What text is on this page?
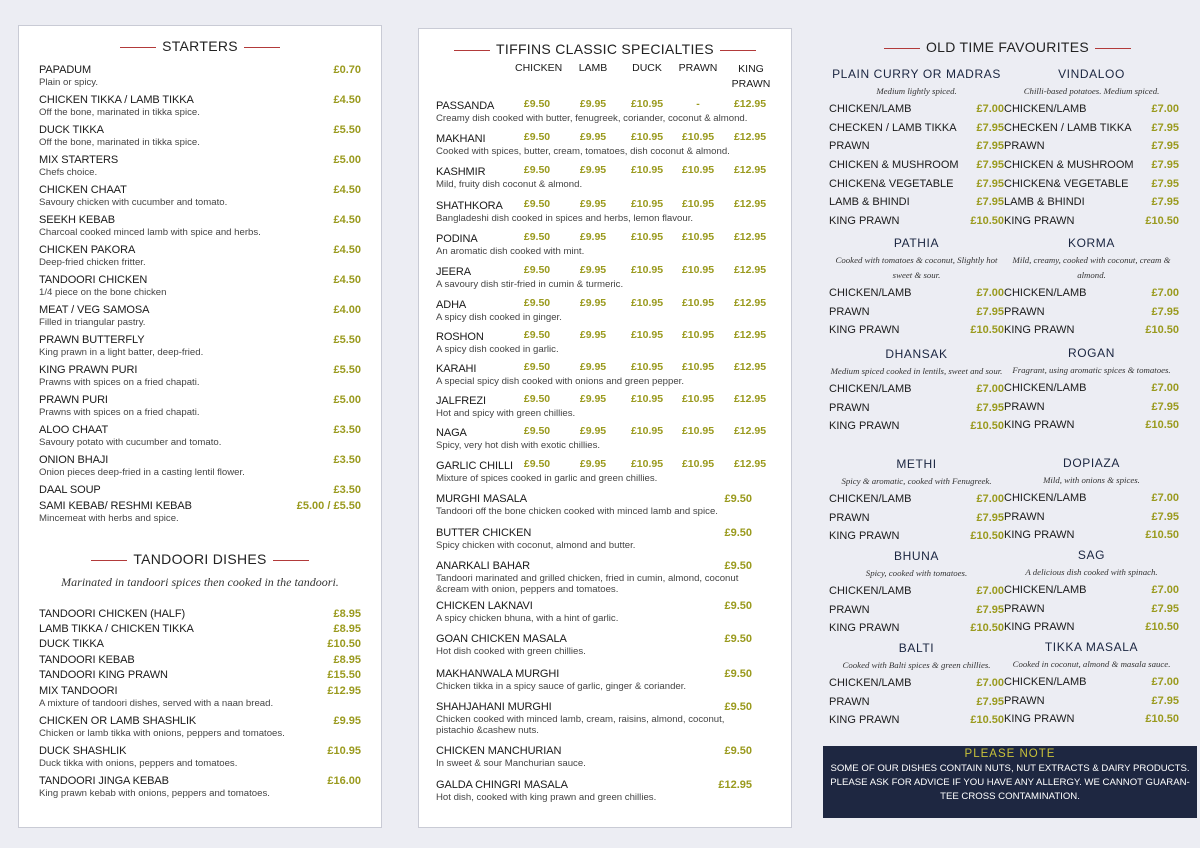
STARTERS
PAPADUM
Plain or spicy.
£0.70
CHICKEN TIKKA / LAMB TIKKA
Off the bone, marinated in tikka spice.
£4.50
DUCK TIKKA
Off the bone, marinated in tikka spice.
£5.50
MIX STARTERS
Chefs choice.
£5.00
CHICKEN CHAAT
Savoury chicken with cucumber and tomato.
£4.50
SEEKH KEBAB
Charcoal cooked minced lamb with spice and herbs.
£4.50
CHICKEN PAKORA
Deep-fried chicken fritter.
£4.50
TANDOORI CHICKEN
1/4 piece on the bone chicken
£4.50
MEAT / VEG SAMOSA
Filled in triangular pastry.
£4.00
PRAWN BUTTERFLY
King prawn in a light batter, deep-fried.
£5.50
KING PRAWN PURI
Prawns with spices on a fried chapati.
£5.50
PRAWN PURI
Prawns with spices on a fried chapati.
£5.00
ALOO CHAAT
Savoury potato with cucumber and tomato.
£3.50
ONION BHAJI
Onion pieces deep-fried in a casting lentil flower.
£3.50
DAAL SOUP	£3.50
SAMI KEBAB/ RESHMI KEBAB
Mincemeat with herbs and spice.
£5.00 / £5.50
TANDOORI DISHES
Marinated in tandoori spices then cooked in the tandoori.
TANDOORI CHICKEN (HALF)	£8.95
LAMB TIKKA / CHICKEN TIKKA	£8.95
DUCK TIKKA	£10.50
TANDOORI KEBAB	£8.95
TANDOORI KING PRAWN	£15.50
MIX TANDOORI
A mixture of tandoori dishes, served with a naan bread.
£12.95
CHICKEN OR LAMB SHASHLIK
Chicken or lamb tikka with onions, peppers and tomatoes.
£9.95
DUCK SHASHLIK
Duck tikka with onions, peppers and tomatoes.
£10.95
TANDOORI JINGA KEBAB
King prawn kebab with onions, peppers and tomatoes.
£16.00
TIFFINS CLASSIC SPECIALTIES
CHICKEN	LAMB	DUCK	PRAWN	KING PRAWN
PASSANDA
Creamy dish cooked with butter, fenugreek, coriander, coconut & almond.
£9.50	£9.95	£10.95	-	£12.95
MAKHANI
Cooked with spices, butter, cream, tomatoes, dish coconut & almond.
£9.50	£9.95	£10.95	£10.95	£12.95
KASHMIR
Mild, fruity dish coconut & almond.
£9.50	£9.95	£10.95	£10.95	£12.95
SHATHKORA
Bangladeshi dish cooked in spices and herbs, lemon flavour.
£9.50	£9.95	£10.95	£10.95	£12.95
PODINA
An aromatic dish cooked with mint.
£9.50	£9.95	£10.95	£10.95	£12.95
JEERA
A savoury dish stir-fried in cumin & turmeric.
£9.50	£9.95	£10.95	£10.95	£12.95
ADHA
A spicy dish cooked in ginger.
£9.50	£9.95	£10.95	£10.95	£12.95
ROSHON
A spicy dish cooked in garlic.
£9.50	£9.95	£10.95	£10.95	£12.95
KARAHI
A special spicy dish cooked with onions and green pepper.
£9.50	£9.95	£10.95	£10.95	£12.95
JALFREZI
Hot and spicy with green chillies.
£9.50	£9.95	£10.95	£10.95	£12.95
NAGA
Spicy, very hot dish with exotic chillies.
£9.50	£9.95	£10.95	£10.95	£12.95
GARLIC CHILLI
Mixture of spices cooked in garlic and green chillies.
£9.50	£9.95	£10.95	£10.95	£12.95
MURGHI MASALA
Tandoori off the bone chicken cooked with minced lamb and spice.
£9.50
BUTTER CHICKEN
Spicy chicken with coconut, almond and butter.
£9.50
ANARKALI BAHAR
Tandoori marinated and grilled chicken, fried in cumin, almond, coconut &cream with onion, peppers and tomatoes.
£9.50
CHICKEN LAKNAVI
A spicy chicken bhuna, with a hint of garlic.
£9.50
GOAN CHICKEN MASALA
Hot dish cooked with green chillies.
£9.50
MAKHANWALA MURGHI
Chicken tikka in a spicy sauce of garlic, ginger & coriander.
£9.50
SHAHJAHANI MURGHI
Chicken cooked with minced lamb, cream, raisins, almond, coconut, pistachio &cashew nuts.
£9.50
CHICKEN MANCHURIAN
In sweet & sour Manchurian sauce.
£9.50
GALDA CHINGRI MASALA
Hot dish, cooked with king prawn and green chillies.
£12.95
OLD TIME FAVOURITES
PLAIN CURRY OR MADRAS
Medium lightly spiced.
CHICKEN/LAMB	£7.00
CHECKEN / LAMB TIKKA £7.95
PRAWN	£7.95
CHICKEN & MUSHROOM £7.95
CHICKEN& VEGETABLE £7.95
LAMB & BHINDI	£7.95
KING PRAWN	£10.50
VINDALOO
Chilli-based potatoes. Medium spiced.
CHICKEN/LAMB	£7.00
CHECKEN / LAMB TIKKA £7.95
PRAWN	£7.95
CHICKEN & MUSHROOM £7.95
CHICKEN& VEGETABLE £7.95
LAMB & BHINDI	£7.95
KING PRAWN	£10.50
PATHIA
Cooked with tomatoes & coconut, Slightly hot sweet & sour.
CHICKEN/LAMB	£7.00
PRAWN	£7.95
KING PRAWN	£10.50
KORMA
Mild, creamy, cooked with coconut, cream & almond.
CHICKEN/LAMB	£7.00
PRAWN	£7.95
KING PRAWN	£10.50
DHANSAK
Medium spiced cooked in lentils, sweet and sour.
CHICKEN/LAMB	£7.00
PRAWN	£7.95
KING PRAWN	£10.50
ROGAN
Fragrant, using aromatic spices & tomatoes.
CHICKEN/LAMB	£7.00
PRAWN	£7.95
KING PRAWN	£10.50
METHI
Spicy & aromatic, cooked with Fenugreek.
CHICKEN/LAMB	£7.00
PRAWN	£7.95
KING PRAWN	£10.50
DOPIAZA
Mild, with onions & spices.
CHICKEN/LAMB	£7.00
PRAWN	£7.95
KING PRAWN	£10.50
BHUNA
Spicy, cooked with tomatoes.
CHICKEN/LAMB	£7.00
PRAWN	£7.95
KING PRAWN	£10.50
SAG
A delicious dish cooked with spinach.
CHICKEN/LAMB	£7.00
PRAWN	£7.95
KING PRAWN	£10.50
BALTI
Cooked with Balti spices & green chillies.
CHICKEN/LAMB	£7.00
PRAWN	£7.95
KING PRAWN	£10.50
TIKKA MASALA
Cooked in coconut, almond & masala sauce.
CHICKEN/LAMB	£7.00
PRAWN	£7.95
KING PRAWN	£10.50
PLEASE NOTE
SOME OF OUR DISHES CONTAIN NUTS, NUT EXTRACTS & DAIRY PRODUCTS.
PLEASE ASK FOR ADVICE IF YOU HAVE ANY ALLERGY. WE CANNOT GUARAN-
TEE CROSS CONTAMINATION.
